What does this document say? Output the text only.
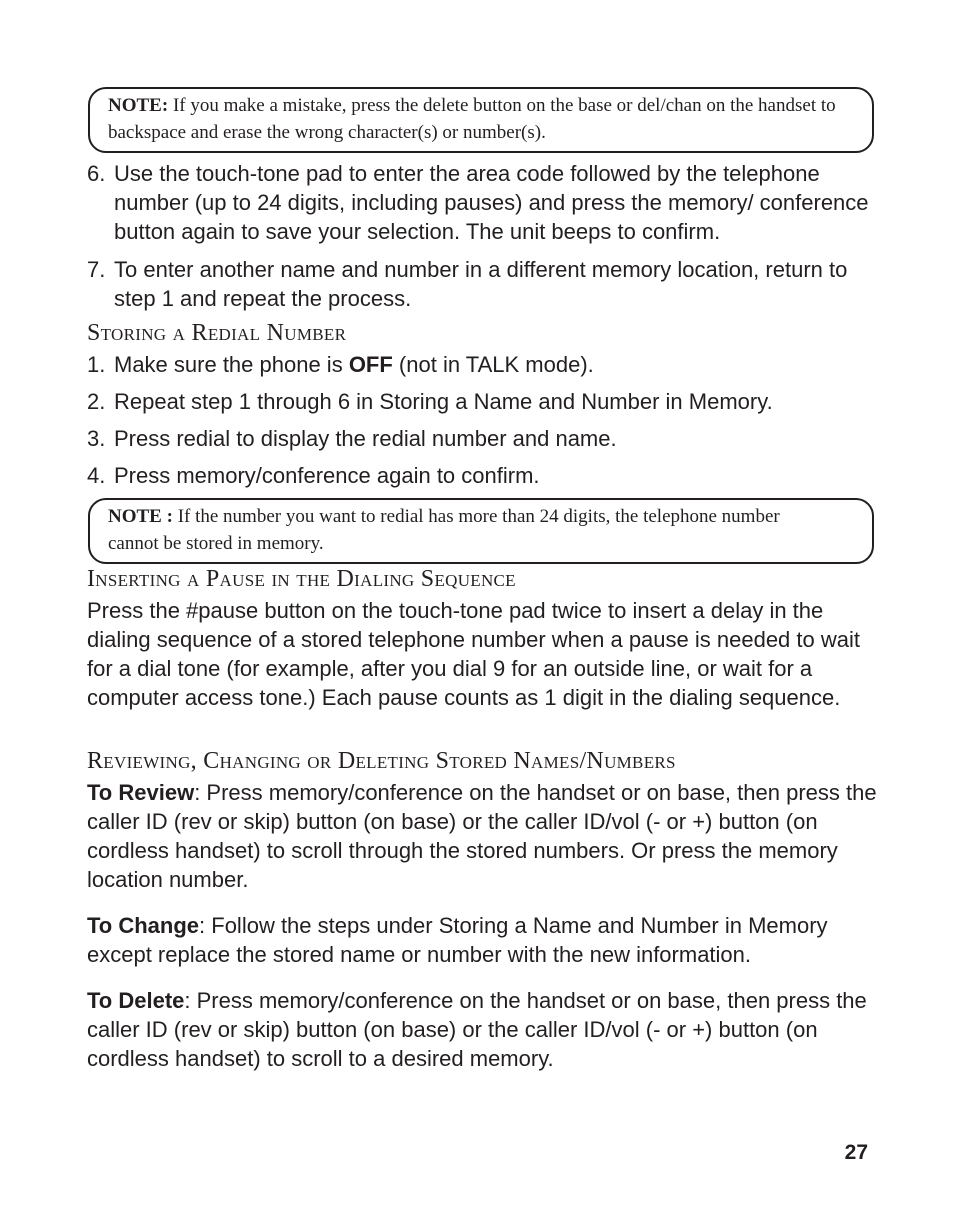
NOTE: If you make a mistake, press the delete button on the base or del/chan on the handset to backspace and erase the wrong character(s) or number(s).
6. Use the touch-tone pad to enter the area code followed by the telephone number (up to 24 digits, including pauses) and press the memory/ conference button again to save your selection. The unit beeps to confirm.
7. To enter another name and number in a different memory location, return to step 1 and repeat the process.
Storing a Redial Number
1. Make sure the phone is OFF (not in TALK mode).
2. Repeat step 1 through 6 in Storing a Name and Number in Memory.
3. Press redial to display the redial number and name.
4. Press memory/conference again to confirm.
NOTE : If the number you want to redial has more than 24 digits, the telephone number cannot be stored in memory.
Inserting a Pause in the Dialing Sequence
Press the #pause button on the touch-tone pad twice to insert a delay in the dialing sequence of a stored telephone number when a pause is needed to wait for a dial tone (for example, after you dial 9 for an outside line, or wait for a computer access tone.) Each pause counts as 1 digit in the dialing sequence.
Reviewing, Changing or Deleting Stored Names/Numbers
To Review: Press memory/conference on the handset or on base, then press the caller ID (rev or skip) button (on base) or the caller ID/vol (- or +) button (on cordless handset) to scroll through the stored numbers. Or press the memory location number.
To Change: Follow the steps under Storing a Name and Number in Memory except replace the stored name or number with the new information.
To Delete: Press memory/conference on the handset or on base, then press the caller ID (rev or skip) button (on base) or the caller ID/vol (- or +) button (on cordless handset) to scroll to a desired memory.
27
